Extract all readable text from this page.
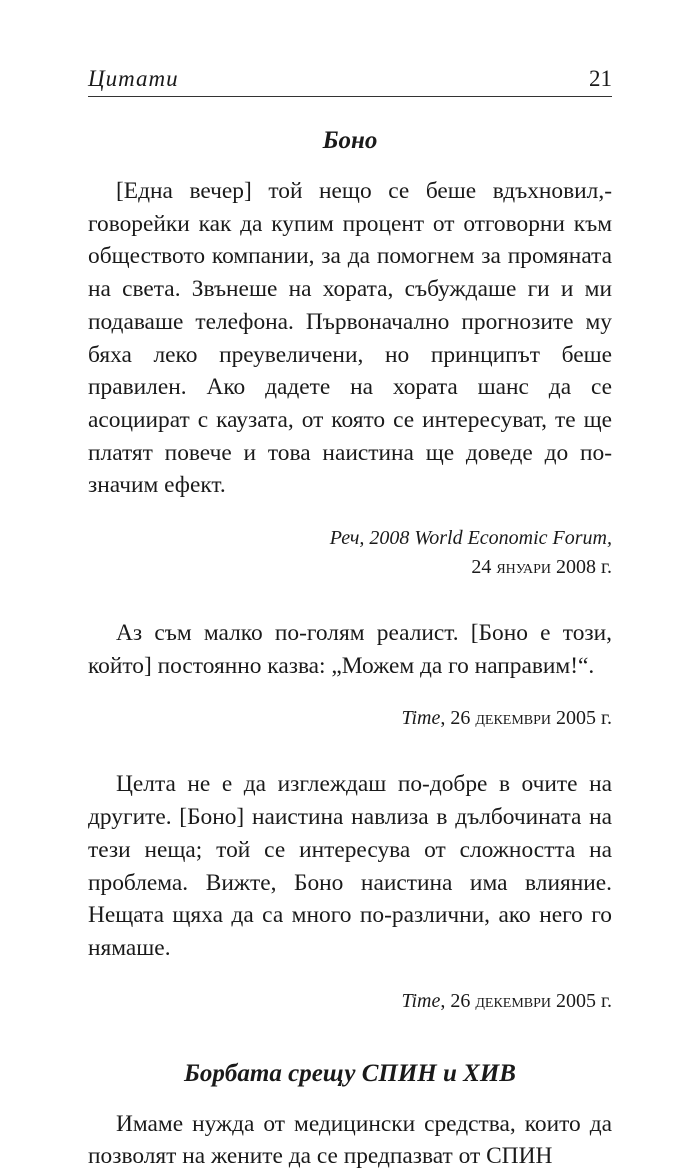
Цитати	21
Боно

[Една вечер] той нещо се беше вдъхновил, говорейки как да купим процент от отговорни към обществото компании, за да помогнем за промяната на света. Звънеше на хората, събуждаше ги и ми подаваше телефона. Първоначално прогнозите му бяха леко преувеличени, но принципът беше правилен. Ако дадете на хората шанс да се асоциират с каузата, от която се интересуват, те ще платят повече и това наистина ще доведе до по-значим ефект.

Реч, 2008 World Economic Forum,
24 януари 2008 г.

Аз съм малко по-голям реалист. [Боно е този, който] постоянно казва: „Можем да го направим!“.

Time, 26 декември 2005 г.

Целта не е да изглеждаш по-добре в очите на другите. [Боно] наистина навлиза в дълбочината на тези неща; той се интересува от сложността на проблема. Вижте, Боно наистина има влияние. Нещата щяха да са много по-различни, ако него го нямаше.

Time, 26 декември 2005 г.
Борбата срещу СПИН и ХИВ

Имаме нужда от медицински средства, които да позволят на жените да се предпазват от СПИН
